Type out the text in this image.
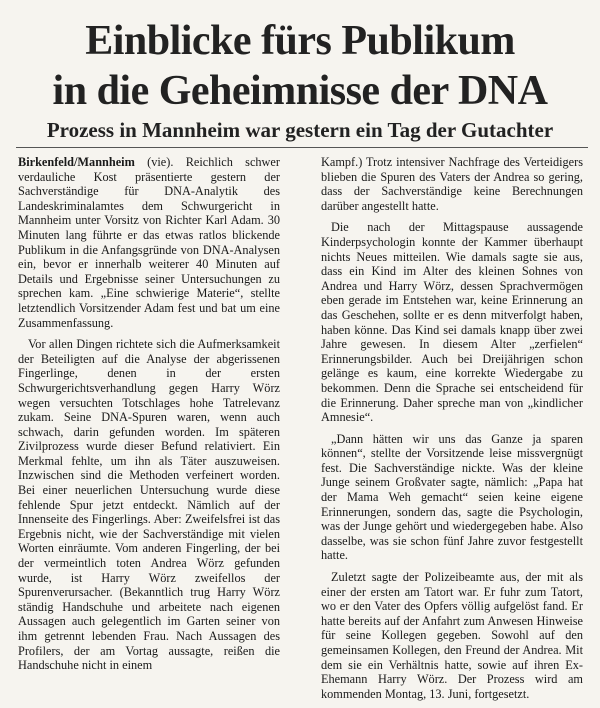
Einblicke fürs Publikum
in die Geheimnisse der DNA
Prozess in Mannheim war gestern ein Tag der Gutachter

Birkenfeld/Mannheim (vie). Reichlich schwer verdauliche Kost präsentierte gestern der Sachverständige für DNA-Analytik des Landeskriminalamtes dem Schwurgericht in Mannheim unter Vorsitz von Richter Karl Adam. 30 Minuten lang führte er das etwas ratlos blickende Publikum in die Anfangsgründe von DNA-Analysen ein, bevor er innerhalb weiterer 40 Minuten auf Details und Ergebnisse seiner Untersuchungen zu sprechen kam. „Eine schwierige Materie“, stellte letztendlich Vorsitzender Adam fest und bat um eine Zusammenfassung.

Vor allen Dingen richtete sich die Aufmerksamkeit der Beteiligten auf die Analyse der abgerissenen Fingerlinge, denen in der ersten Schwurgerichtsverhandlung gegen Harry Wörz wegen versuchten Totschlages hohe Tatrelevanz zukam. Seine DNA-Spuren waren, wenn auch schwach, darin gefunden worden. Im späteren Zivilprozess wurde dieser Befund relativiert. Ein Merkmal fehlte, um ihn als Täter auszuweisen. Inzwischen sind die Methoden verfeinert worden. Bei einer neuerlichen Untersuchung wurde diese fehlende Spur jetzt entdeckt. Nämlich auf der Innenseite des Fingerlings. Aber: Zweifelsfrei ist das Ergebnis nicht, wie der Sachverständige mit vielen Worten einräumte. Vom anderen Fingerling, der bei der vermeintlich toten Andrea Wörz gefunden wurde, ist Harry Wörz zweifellos der Spurenverursacher. (Bekanntlich trug Harry Wörz ständig Handschuhe und arbeitete nach eigenen Aussagen auch gelegentlich im Garten seiner von ihm getrennt lebenden Frau. Nach Aussagen des Profilers, der am Vortag aussagte, reißen die Handschuhe nicht in einem

Kampf.) Trotz intensiver Nachfrage des Verteidigers blieben die Spuren des Vaters der Andrea so gering, dass der Sachverständige keine Berechnungen darüber angestellt hatte.

Die nach der Mittagspause aussagende Kinderpsychologin konnte der Kammer überhaupt nichts Neues mitteilen. Wie damals sagte sie aus, dass ein Kind im Alter des kleinen Sohnes von Andrea und Harry Wörz, dessen Sprachvermögen eben gerade im Entstehen war, keine Erinnerung an das Geschehen, sollte er es denn mitverfolgt haben, haben könne. Das Kind sei damals knapp über zwei Jahre gewesen. In diesem Alter „zerfielen“ Erinnerungsbilder. Auch bei Dreijährigen schon gelänge es kaum, eine korrekte Wiedergabe zu bekommen. Denn die Sprache sei entscheidend für die Erinnerung. Daher spreche man von „kindlicher Amnesie“.

„Dann hätten wir uns das Ganze ja sparen können“, stellte der Vorsitzende leise missvergnügt fest. Die Sachverständige nickte. Was der kleine Junge seinem Großvater sagte, nämlich: „Papa hat der Mama Weh gemacht“ seien keine eigene Erinnerungen, sondern das, sagte die Psychologin, was der Junge gehört und wiedergegeben habe. Also dasselbe, was sie schon fünf Jahre zuvor festgestellt hatte.

Zuletzt sagte der Polizeibeamte aus, der mit als einer der ersten am Tatort war. Er fuhr zum Tatort, wo er den Vater des Opfers völlig aufgelöst fand. Er hatte bereits auf der Anfahrt zum Anwesen Hinweise für seine Kollegen gegeben. Sowohl auf den gemeinsamen Kollegen, den Freund der Andrea. Mit dem sie ein Verhältnis hatte, sowie auf ihren Ex-Ehemann Harry Wörz. Der Prozess wird am kommenden Montag, 13. Juni, fortgesetzt.
